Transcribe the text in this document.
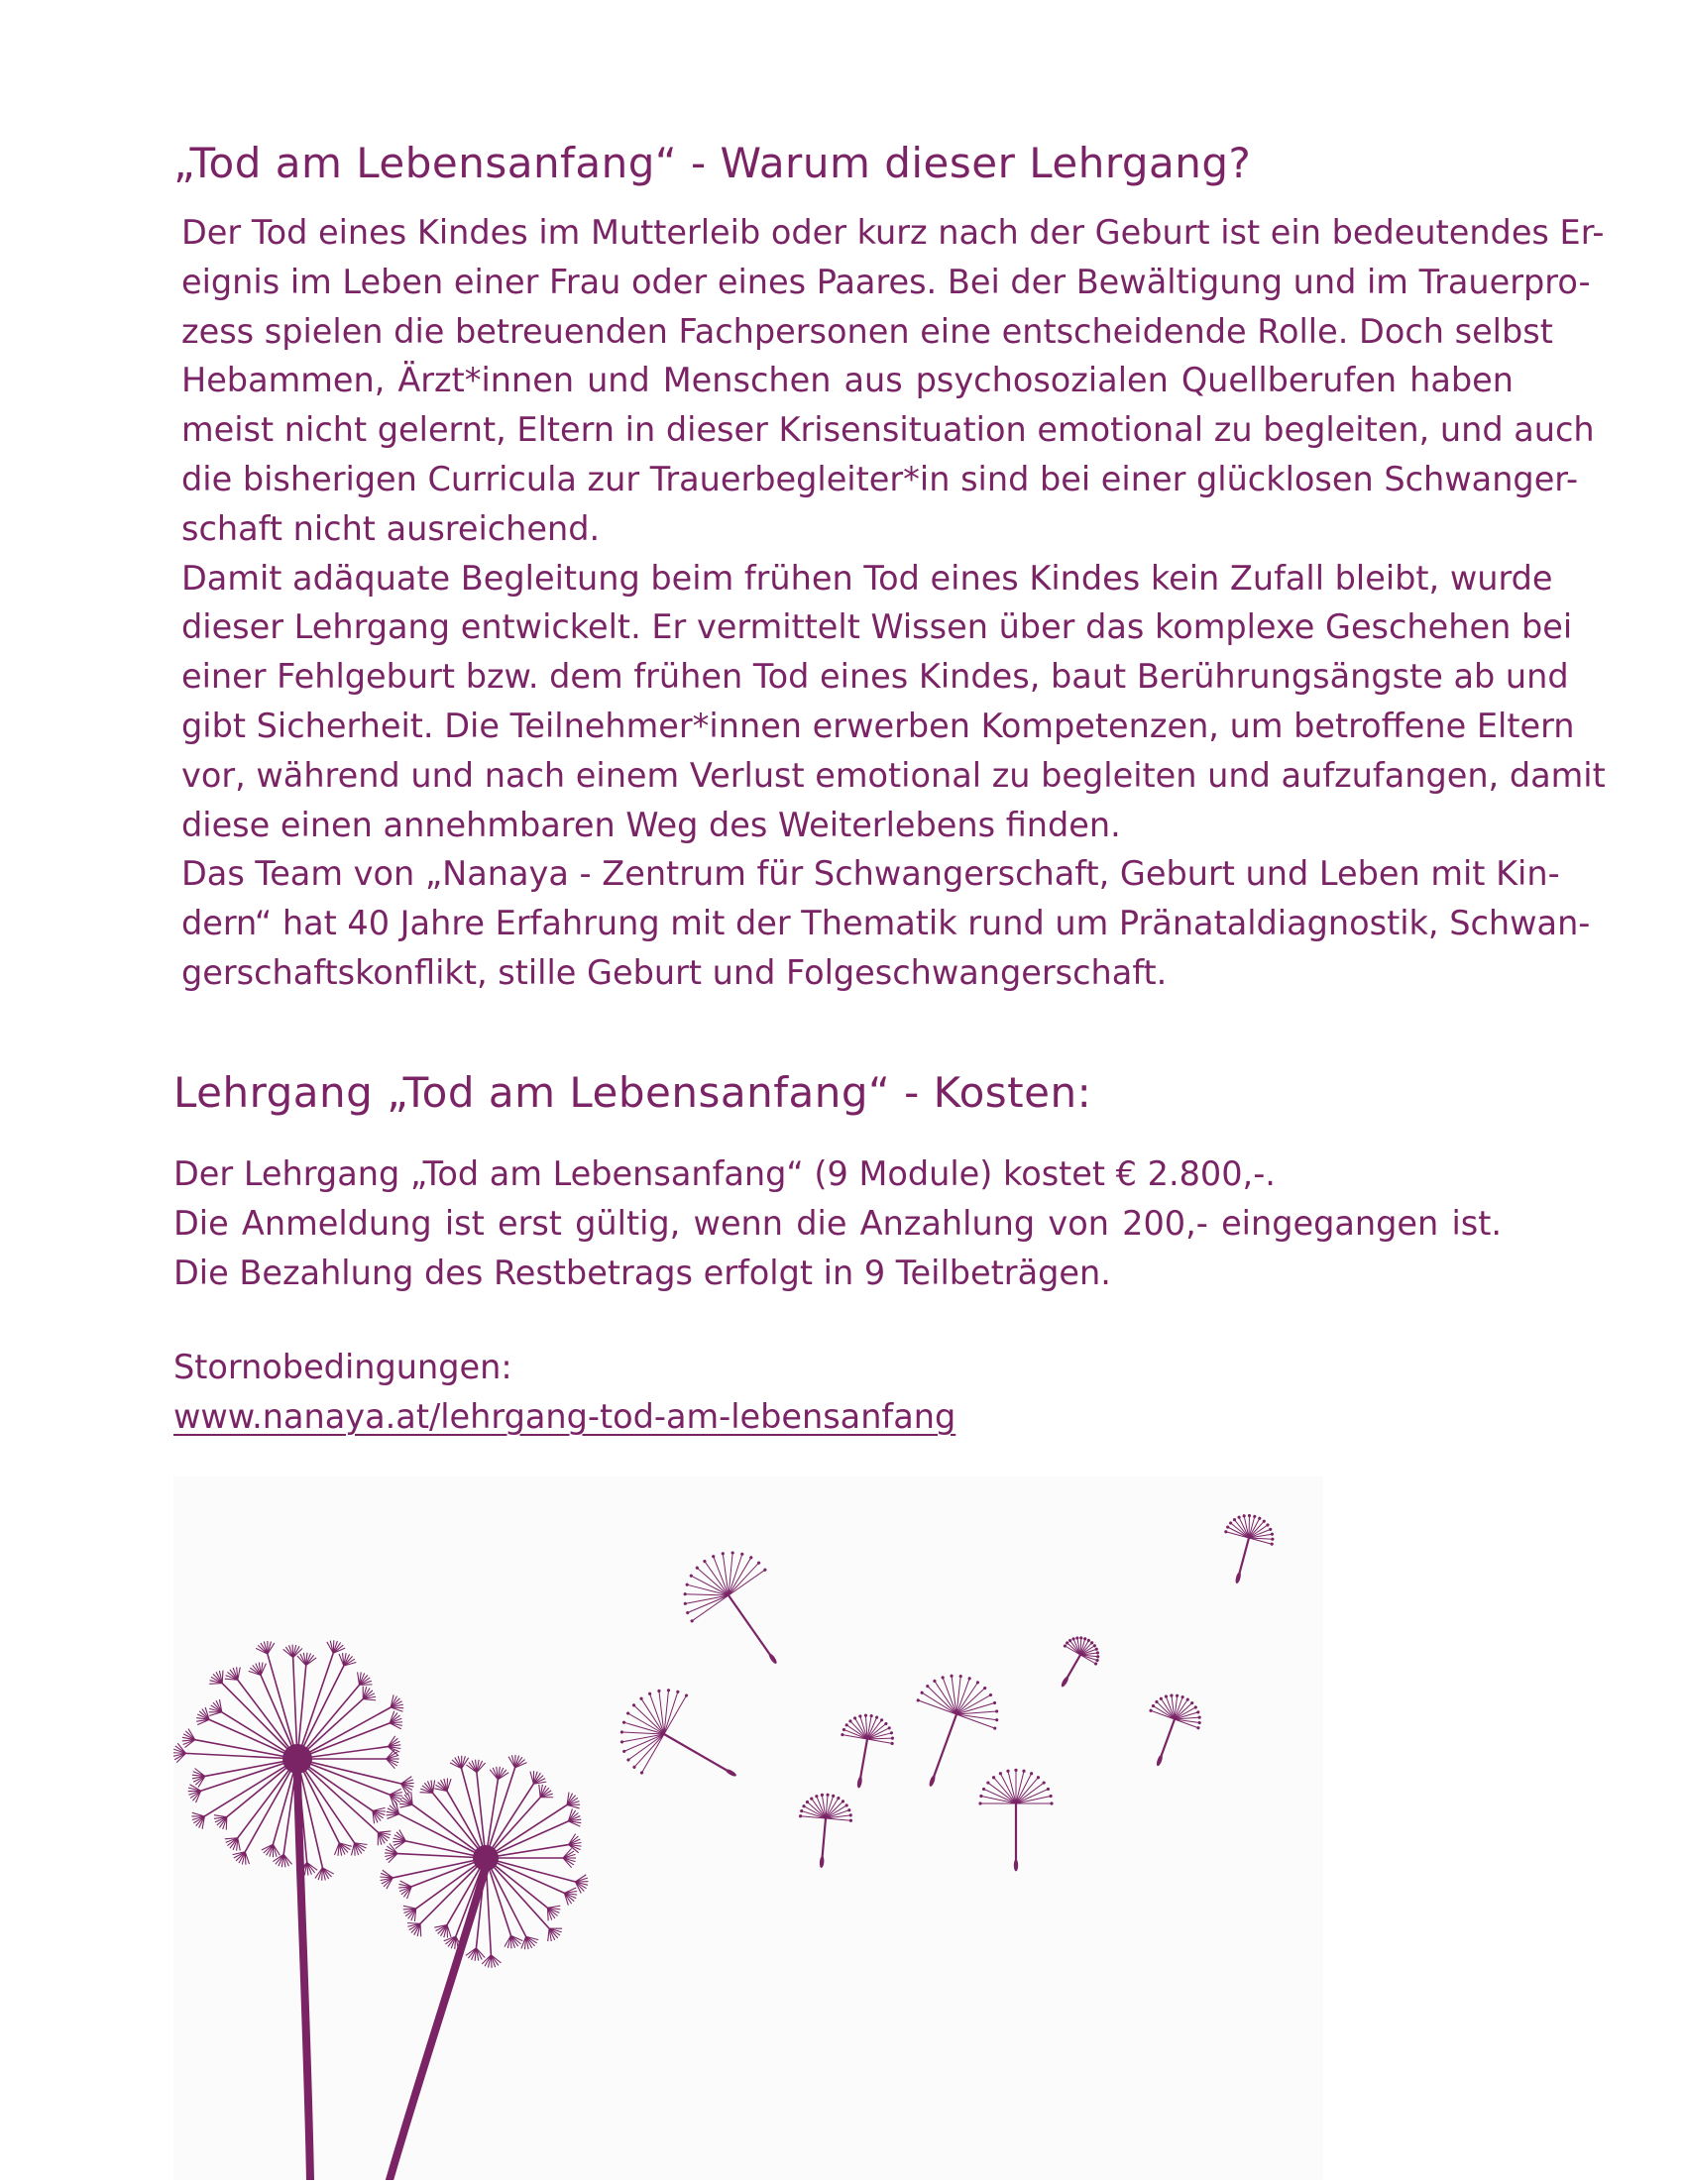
„Tod am Lebensanfang“ - Warum dieser Lehrgang?
Der Tod eines Kindes im Mutterleib oder kurz nach der Geburt ist ein bedeutendes Er-
eignis im Leben einer Frau oder eines Paares. Bei der Bewältigung und im Trauerpro-
zess spielen die betreuenden Fachpersonen eine entscheidende Rolle. Doch selbst
Hebammen, Ärzt*innen und Menschen aus psychosozialen Quellberufen haben
meist nicht gelernt, Eltern in dieser Krisensituation emotional zu begleiten, und auch
die bisherigen Curricula zur Trauerbegleiter*in sind bei einer glücklosen Schwanger-
schaft nicht ausreichend.
Damit adäquate Begleitung beim frühen Tod eines Kindes kein Zufall bleibt, wurde
dieser Lehrgang entwickelt. Er vermittelt Wissen über das komplexe Geschehen bei
einer Fehlgeburt bzw. dem frühen Tod eines Kindes, baut Berührungsängste ab und
gibt Sicherheit. Die Teilnehmer*innen erwerben Kompetenzen, um betroffene Eltern
vor, während und nach einem Verlust emotional zu begleiten und aufzufangen, damit
diese einen annehmbaren Weg des Weiterlebens finden.
Das Team von „Nanaya - Zentrum für Schwangerschaft, Geburt und Leben mit Kin-
dern“ hat 40 Jahre Erfahrung mit der Thematik rund um Pränataldiagnostik, Schwan-
gerschaftskonflikt, stille Geburt und Folgeschwangerschaft.
Lehrgang „Tod am Lebensanfang“ - Kosten:
Der Lehrgang „Tod am Lebensanfang“ (9 Module) kostet € 2.800,-.
Die Anmeldung ist erst gültig, wenn die Anzahlung von 200,- eingegangen ist.
Die Bezahlung des Restbetrags erfolgt in 9 Teilbeträgen.
Stornobedingungen:
www.nanaya.at/lehrgang-tod-am-lebensanfang
